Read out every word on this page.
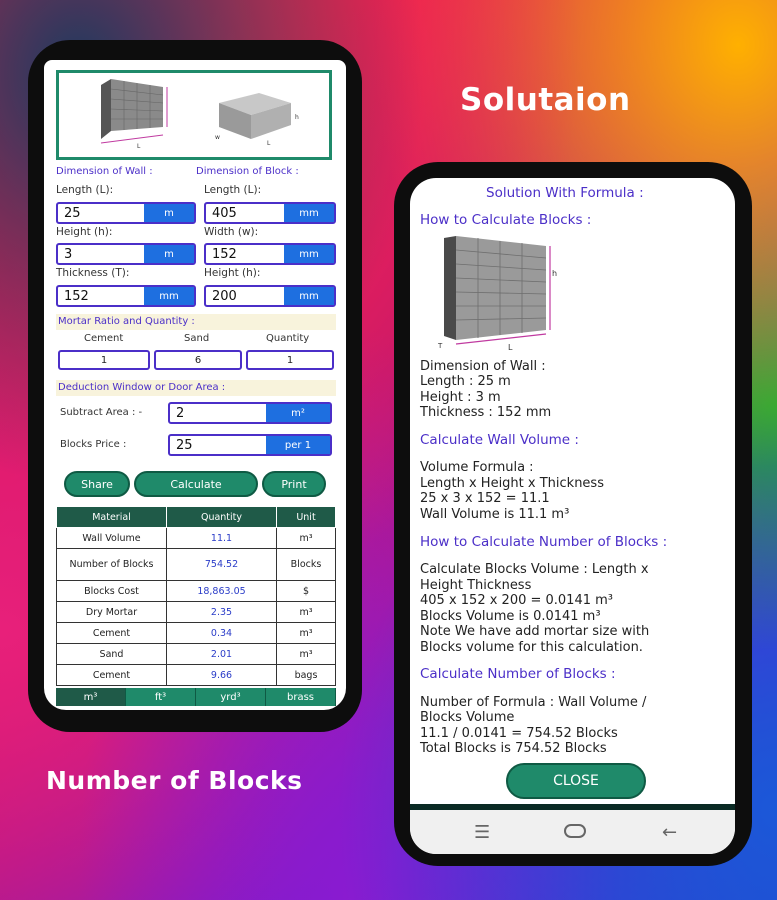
Solutaion
Number of Blocks
L
w
h
L
Dimension of Wall :	Dimension of Block :
Length (L):
25	m
Height (h):
3	m
Thickness (T):
152	mm
Length (L):
405	mm
Width (w):
152	mm
Height (h):
200	mm
Mortar Ratio and Quantity :
Cement	Sand	Quantity
1	6	1
Deduction Window or Door Area :
Subtract Area : -	2	m²
Blocks Price :	25	per 1
Share	Calculate	Print
Material	Quantity	Unit
Wall Volume	11.1	m³
Number of Blocks	754.52	Blocks
Blocks Cost	18,863.05	$
Dry Mortar	2.35	m³
Cement	0.34	m³
Sand	2.01	m³
Cement	9.66	bags
m³	ft³	yrd³	brass
Solution With Formula :
How to Calculate Blocks :
h
L
T
Dimension of Wall :
Length : 25 m
Height : 3 m
Thickness : 152 mm
Calculate Wall Volume :
Volume Formula :
Length x Height x Thickness
25 x 3 x 152 = 11.1
Wall Volume is 11.1 m³
How to Calculate Number of Blocks :
Calculate Blocks Volume : Length x
Height Thickness
405 x 152 x 200 = 0.0141 m³
Blocks Volume is 0.0141 m³
Note We have add mortar size with
Blocks volume for this calculation.
Calculate Number of Blocks :
Number of Formula : Wall Volume /
Blocks Volume
11.1 / 0.0141 = 754.52 Blocks
Total Blocks is 754.52 Blocks
CLOSE
☰	←
